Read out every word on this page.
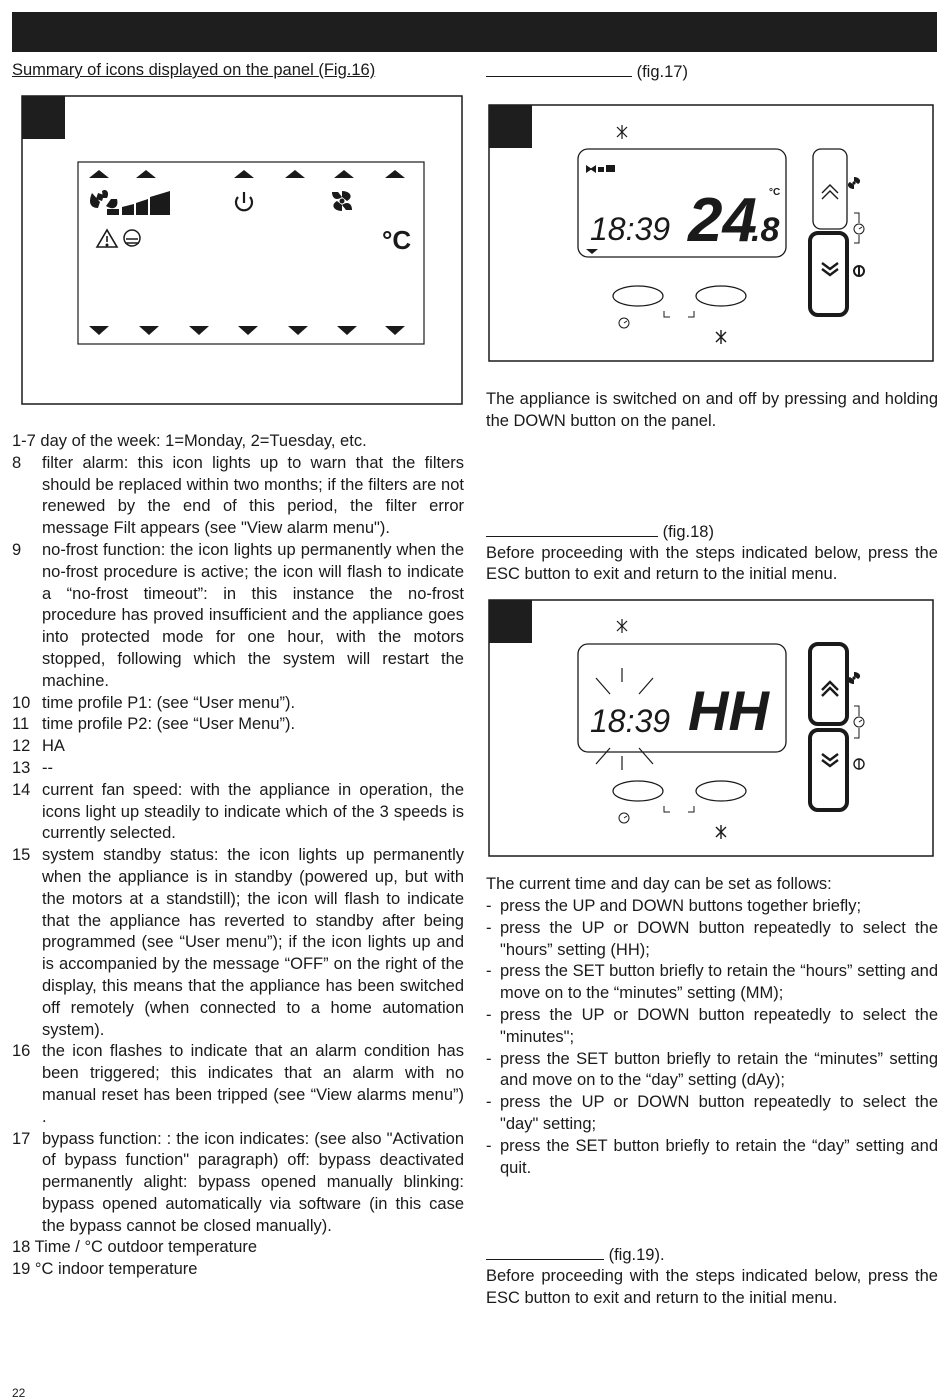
Summary of icons displayed on the panel (Fig.16)
°C
1-7 day of the week: 1=Monday, 2=Tuesday, etc.
8	filter alarm: this icon lights up to warn that the filters should be replaced within two months; if the filters are not renewed by the end of this period, the filter error message Filt appears (see "View alarm menu").
9	no-frost function: the icon lights up permanently when the no-frost procedure is active; the icon will flash to indicate a “no-frost timeout”: in this instance the no-frost procedure has proved insufficient and the appliance goes into protected mode for one hour, with the motors stopped, following which the system will restart the machine.
10 time profile P1: (see “User menu”).
11 time profile P2: (see “User Menu”).
12 HA
13 --
14 current fan speed: with the appliance in operation, the icons light up steadily to indicate which of the 3 speeds is currently selected.
15 system standby status: the icon lights up permanently when the appliance is in standby (powered up, but with the motors at a standstill); the icon will flash to indicate that the appliance has reverted to standby after being programmed (see “User menu”); if the icon lights up and is accompanied by the message “OFF” on the right of the display, this means that the appliance has been switched off remotely (when connected to a home automation system).
16 the icon flashes to indicate that an alarm condition has been triggered; this indicates that an alarm with no manual reset has been tripped (see “View alarms menu”) .
17 bypass function: : the icon indicates: (see also "Activation of bypass function" paragraph) off: bypass deactivated permanently alight: bypass opened manually blinking: bypass opened automatically via software (in this case the bypass cannot be closed manually).
18 Time / °C outdoor temperature
19 °C indoor temperature
(fig.17)
°C
18:39 24
.8
The appliance is switched on and off by pressing and holding the DOWN button on the panel.
(fig.18)
Before proceeding with the steps indicated below, press the ESC button to exit and return to the initial menu.
18:39 HH
The current time and day can be set as follows:
- press the UP and DOWN buttons together briefly;
- press the UP or DOWN button repeatedly to select the "hours” setting (HH);
- press the SET button briefly to retain the “hours” setting and move on to the “minutes” setting (MM);
- press the UP or DOWN button repeatedly to select the "minutes";
- press the SET button briefly to retain the “minutes” setting and move on to the “day” setting (dAy);
- press the UP or DOWN button repeatedly to select the "day" setting;
- press the SET button briefly to retain the “day” setting and quit.
(fig.19).
Before proceeding with the steps indicated below, press the ESC button to exit and return to the initial menu.
22
